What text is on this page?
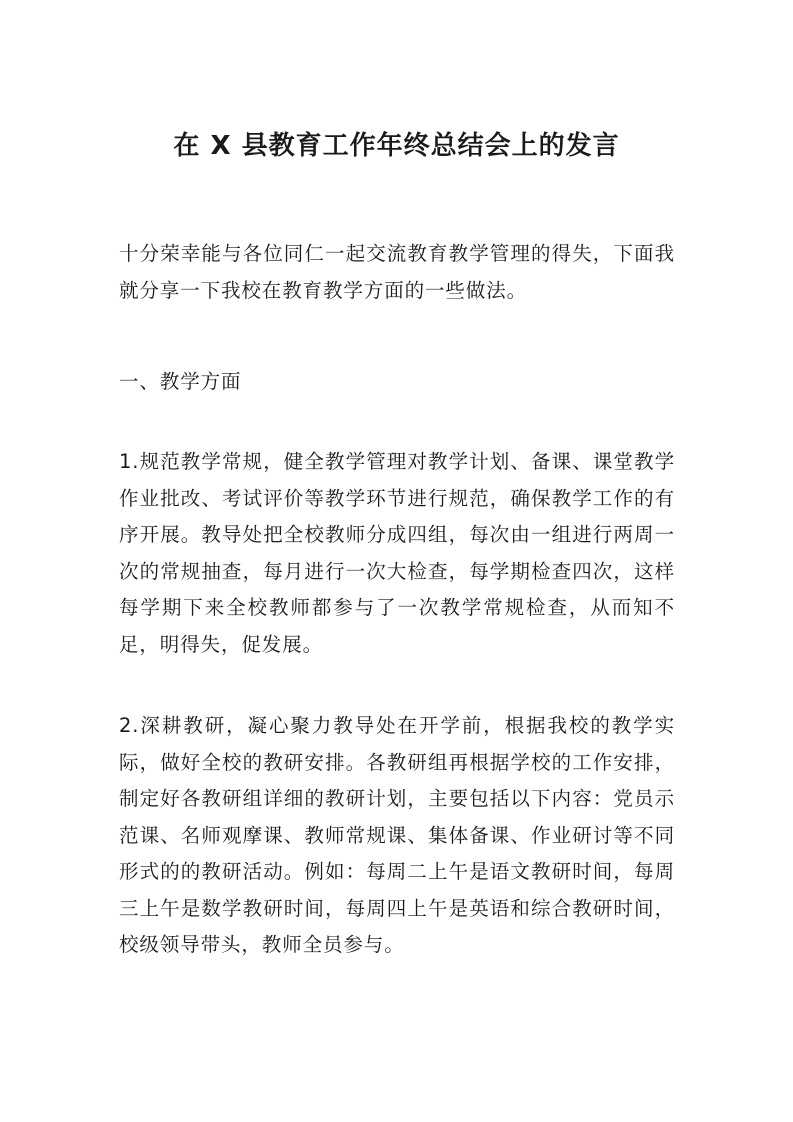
在 X 县教育工作年终总结会上的发言

十分荣幸能与各位同仁一起交流教育教学管理的得失，下面我就分享一下我校在教育教学方面的一些做法。

一、教学方面

1.规范教学常规，健全教学管理对教学计划、备课、课堂教学作业批改、考试评价等教学环节进行规范，确保教学工作的有序开展。教导处把全校教师分成四组，每次由一组进行两周一次的常规抽查，每月进行一次大检查，每学期检查四次，这样每学期下来全校教师都参与了一次教学常规检查，从而知不足，明得失，促发展。

2.深耕教研，凝心聚力教导处在开学前，根据我校的教学实际，做好全校的教研安排。各教研组再根据学校的工作安排，制定好各教研组详细的教研计划，主要包括以下内容：党员示范课、名师观摩课、教师常规课、集体备课、作业研讨等不同形式的的教研活动。例如：每周二上午是语文教研时间，每周三上午是数学教研时间，每周四上午是英语和综合教研时间，校级领导带头，教师全员参与。
